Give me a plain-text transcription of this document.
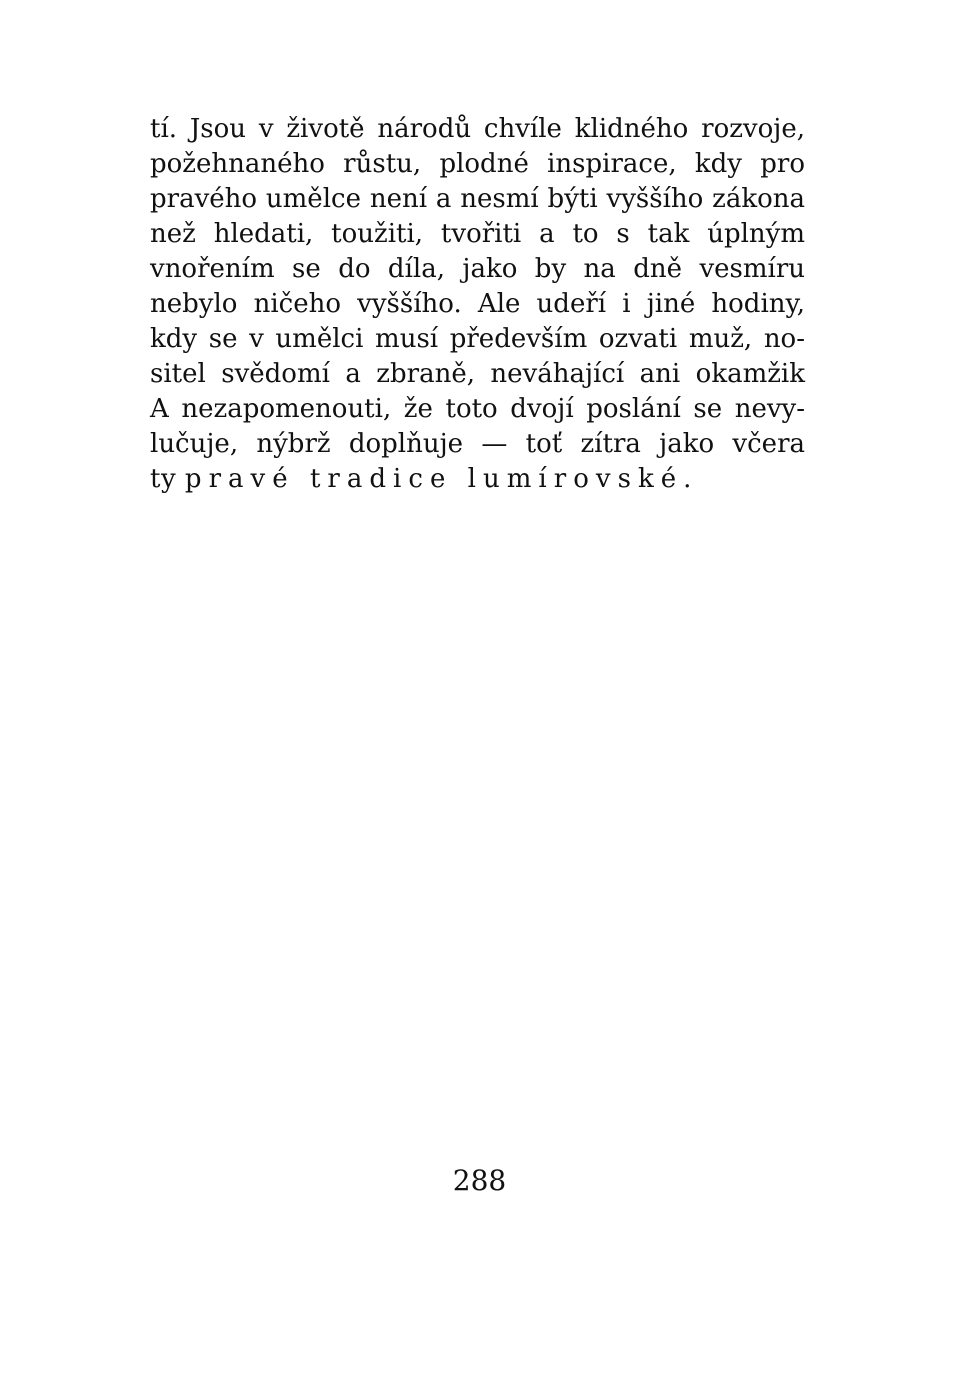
tí. Jsou v životě národů chvíle klidného rozvoje,
požehnaného růstu, plodné inspirace, kdy pro
pravého umělce není a nesmí býti vyššího zákona
než hledati, toužiti, tvořiti a to s tak úplným
vnořením se do díla, jako by na dně vesmíru
nebylo ničeho vyššího. Ale udeří i jiné hodiny,
kdy se v umělci musí především ozvati muž, no-
sitel svědomí a zbraně, neváhající ani okamžik
A nezapomenouti, že toto dvojí poslání se nevy-
lučuje, nýbrž doplňuje — toť zítra jako včera
ty pravé tradice lumírovské.
288
